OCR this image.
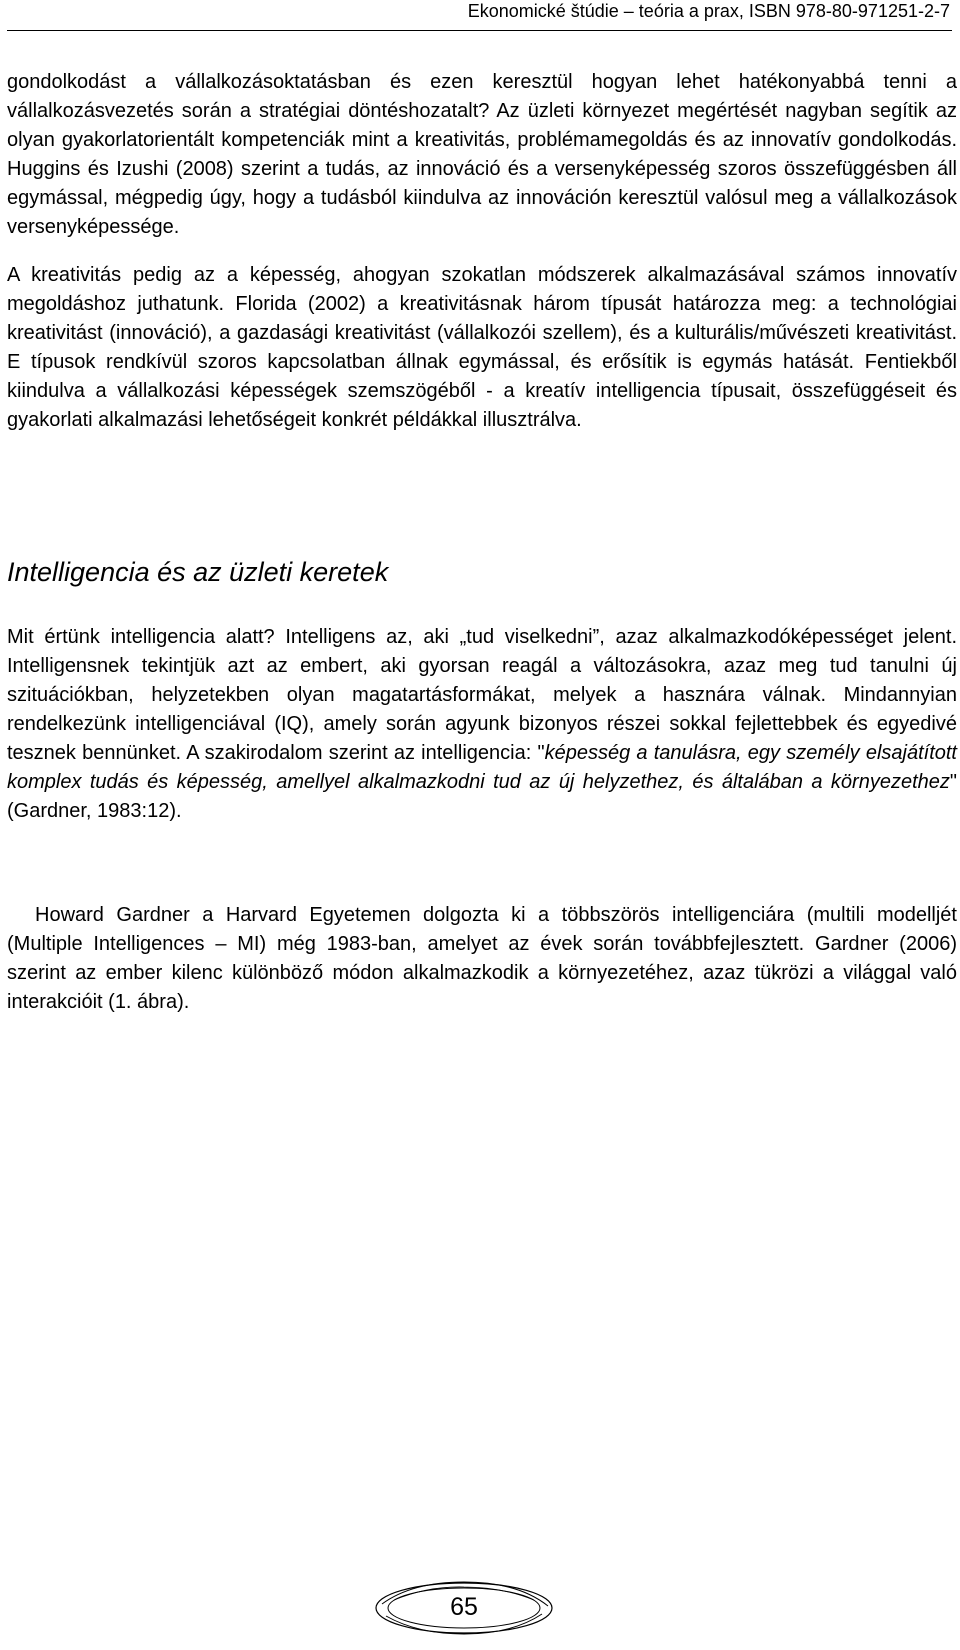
Ekonomické štúdie – teória a prax, ISBN 978-80-971251-2-7

gondolkodást a vállalkozásoktatásban és ezen keresztül hogyan lehet hatékonyabbá tenni a vállalkozásvezetés során a stratégiai döntéshozatalt? Az üzleti környezet megértését nagyban segítik az olyan gyakorlatorientált kompetenciák mint a kreativitás, problémamegoldás és az innovatív gondolkodás. Huggins és Izushi (2008) szerint a tudás, az innováció és a versenyképesség szoros összefüggésben áll egymással, mégpedig úgy, hogy a tudásból kiindulva az innováción keresztül valósul meg a vállalkozások versenyképessége.

A kreativitás pedig az a képesség, ahogyan szokatlan módszerek alkalmazásával számos innovatív megoldáshoz juthatunk. Florida (2002) a kreativitásnak három típusát határozza meg: a technológiai kreativitást (innováció), a gazdasági kreativitást (vállalkozói szellem), és a kulturális/művészeti kreativitást. E típusok rendkívül szoros kapcsolatban állnak egymással, és erősítik is egymás hatását. Fentiekből kiindulva a vállalkozási képességek szemszögéből - a kreatív intelligencia típusait, összefüggéseit és gyakorlati alkalmazási lehetőségeit konkrét példákkal illusztrálva.

Intelligencia és az üzleti keretek

Mit értünk intelligencia alatt? Intelligens az, aki „tud viselkedni”, azaz alkalmazkodóképességet jelent. Intelligensnek tekintjük azt az embert, aki gyorsan reagál a változásokra, azaz meg tud tanulni új szituációkban, helyzetekben olyan magatartásformákat, melyek a hasznára válnak. Mindannyian rendelkezünk intelligenciával (IQ), amely során agyunk bizonyos részei sokkal fejlettebbek és egyedivé tesznek bennünket. A szakirodalom szerint az intelligencia: "képesség a tanulásra, egy személy elsajátított komplex tudás és képesség, amellyel alkalmazkodni tud az új helyzethez, és általában a környezethez" (Gardner, 1983:12).

Howard Gardner a Harvard Egyetemen dolgozta ki a többszörös intelligenciára (multili modelljét (Multiple Intelligences – MI) még 1983-ban, amelyet az évek során továbbfejlesztett. Gardner (2006) szerint az ember kilenc különböző módon alkalmazkodik a környezetéhez, azaz tükrözi a világgal való interakcióit (1. ábra).

65
